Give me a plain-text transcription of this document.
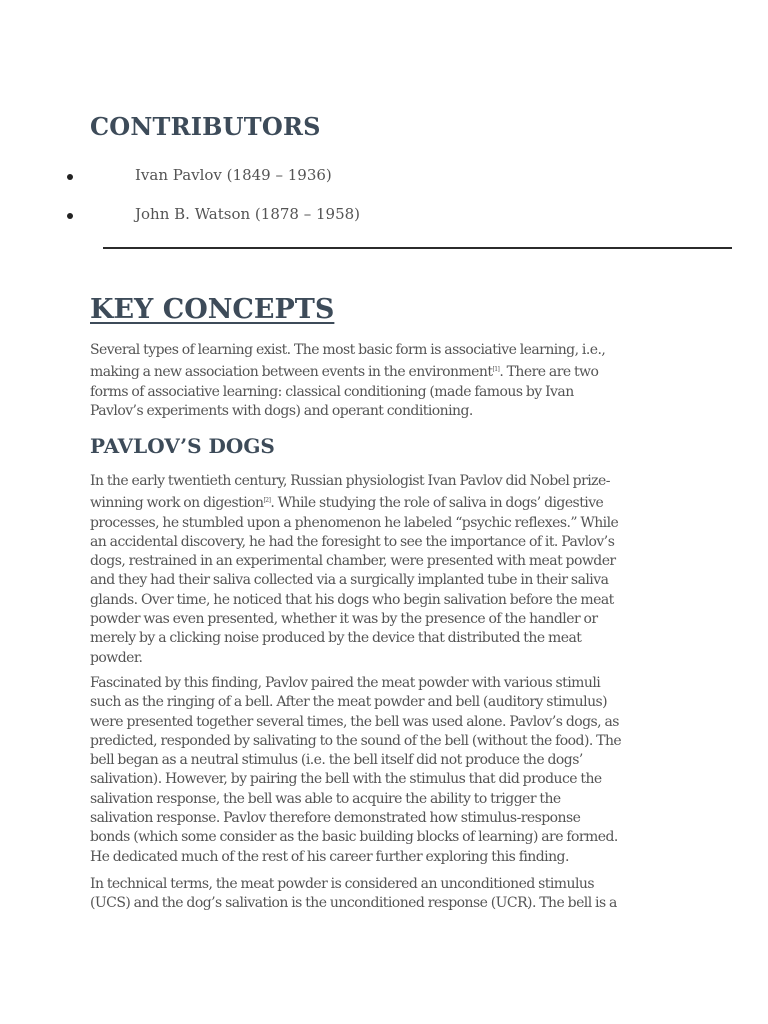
CONTRIBUTORS
Ivan Pavlov (1849 – 1936)
John B. Watson (1878 – 1958)
KEY CONCEPTS

Several types of learning exist. The most basic form is associative learning, i.e.,
making a new association between events in the environment[1]. There are two
forms of associative learning: classical conditioning (made famous by Ivan
Pavlov’s experiments with dogs) and operant conditioning.

PAVLOV’S DOGS

In the early twentieth century, Russian physiologist Ivan Pavlov did Nobel prize-
winning work on digestion[2]. While studying the role of saliva in dogs’ digestive
processes, he stumbled upon a phenomenon he labeled “psychic reflexes.” While
an accidental discovery, he had the foresight to see the importance of it. Pavlov’s
dogs, restrained in an experimental chamber, were presented with meat powder
and they had their saliva collected via a surgically implanted tube in their saliva
glands. Over time, he noticed that his dogs who begin salivation before the meat
powder was even presented, whether it was by the presence of the handler or
merely by a clicking noise produced by the device that distributed the meat
powder.

Fascinated by this finding, Pavlov paired the meat powder with various stimuli
such as the ringing of a bell. After the meat powder and bell (auditory stimulus)
were presented together several times, the bell was used alone. Pavlov’s dogs, as
predicted, responded by salivating to the sound of the bell (without the food). The
bell began as a neutral stimulus (i.e. the bell itself did not produce the dogs’
salivation). However, by pairing the bell with the stimulus that did produce the
salivation response, the bell was able to acquire the ability to trigger the
salivation response. Pavlov therefore demonstrated how stimulus-response
bonds (which some consider as the basic building blocks of learning) are formed.
He dedicated much of the rest of his career further exploring this finding.

In technical terms, the meat powder is considered an unconditioned stimulus
(UCS) and the dog’s salivation is the unconditioned response (UCR). The bell is a
